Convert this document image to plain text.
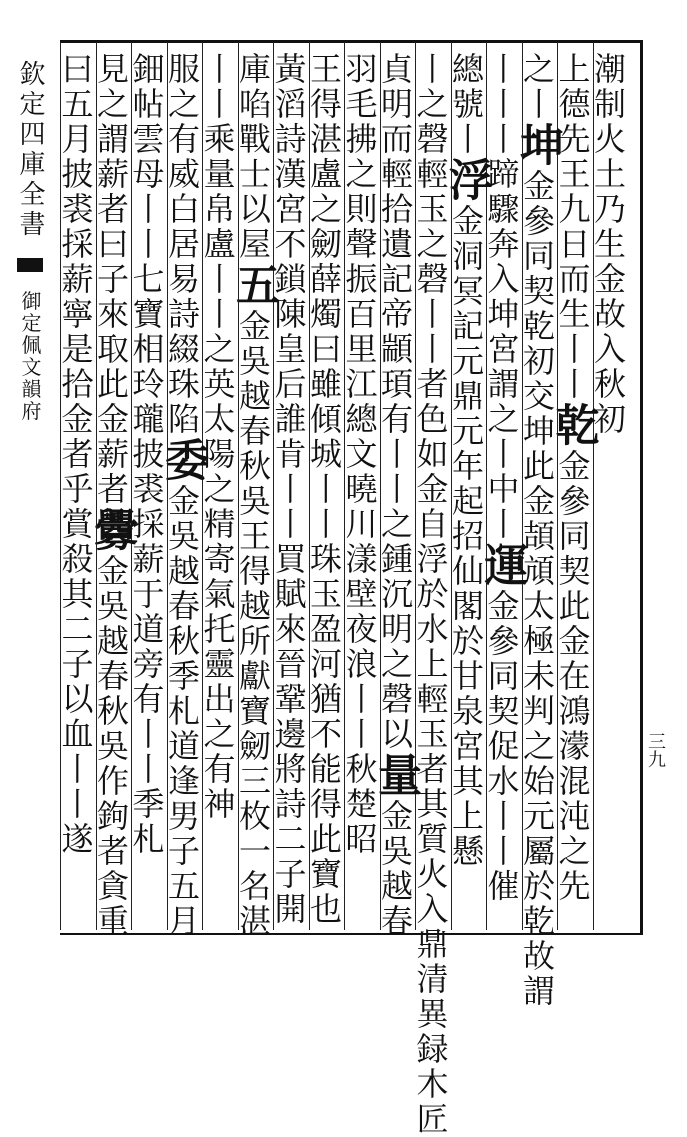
欽定四庫全書  御定佩文韻府
三九
潮制火土乃生金故入秋初
上德先王九日而生丨丨乾金參同契此金在鴻濛混沌之先
之丨坤金參同契乾初交坤此金頡頏太極未判之始元屬於乾故謂
丨丨丨蹄驟奔入坤宮謂之丨中丨運金參同契促水丨丨催
總號丨浮金洞冥記元鼎元年起招仙閣於甘泉宮其上懸
丨之磬輕玉之磬丨丨者色如金自浮於水上輕玉者其質火入鼎清異録木匠
貞明而輕拾遺記帝顓頊有丨丨之鍾沉明之磬以量金吳越春
羽毛拂之則聲振百里江總文曉川漾壁夜浪丨丨秋楚昭
王得湛盧之劒薛燭曰雖傾城丨丨珠玉盈河猶不能得此寶也
黃滔詩漢宮不鎖陳皇后誰肯丨丨買賦來晉鞏邊將詩二子開
庫啗戰士以屋五金吳越春秋吳王得越所獻寶劒三枚一名湛
丨丨乘量帛盧丨丨之英太陽之精寄氣托靈出之有神
服之有威白居易詩綴珠陷委金吳越春秋季札道逢男子五月
鈿帖雲母丨丨七寶相玲瓏披裘採薪于道旁有丨丨季札
見之謂薪者曰子來取此金薪者釁金吳越春秋吳作鉤者貪重
曰五月披裘採薪寧是拾金者乎賞殺其二子以血丨丨遂
